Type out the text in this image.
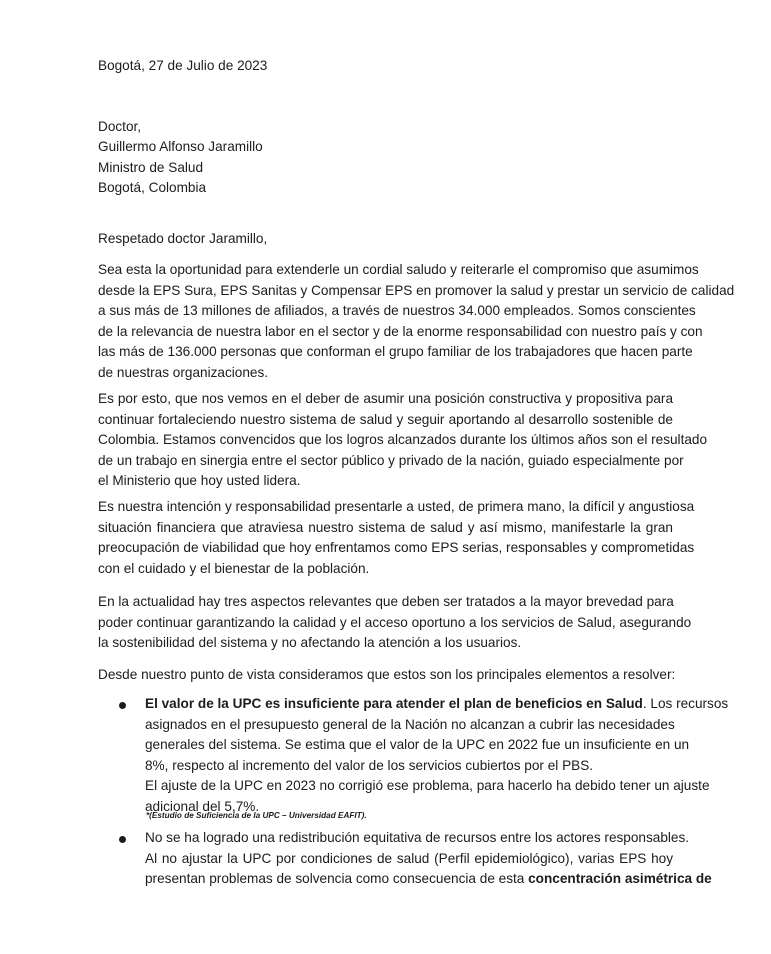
Bogotá, 27 de Julio de 2023
Doctor,
Guillermo Alfonso Jaramillo
Ministro de Salud
Bogotá, Colombia
Respetado doctor Jaramillo,

Sea esta la oportunidad para extenderle un cordial saludo y reiterarle el compromiso que asumimos
desde la EPS Sura, EPS Sanitas y Compensar EPS en promover la salud y prestar un servicio de calidad
a sus más de 13 millones de afiliados, a través de nuestros 34.000 empleados. Somos conscientes
de la relevancia de nuestra labor en el sector y de la enorme responsabilidad con nuestro país y con
las más de 136.000 personas que conforman el grupo familiar de los trabajadores que hacen parte
de nuestras organizaciones.

Es por esto, que nos vemos en el deber de asumir una posición constructiva y propositiva para
continuar fortaleciendo nuestro sistema de salud y seguir aportando al desarrollo sostenible de
Colombia. Estamos convencidos que los logros alcanzados durante los últimos años son el resultado
de un trabajo en sinergia entre el sector público y privado de la nación, guiado especialmente por
el Ministerio que hoy usted lidera.

Es nuestra intención y responsabilidad presentarle a usted, de primera mano, la difícil y angustiosa
situación financiera que atraviesa nuestro sistema de salud y así mismo, manifestarle la gran
preocupación de viabilidad que hoy enfrentamos como EPS serias, responsables y comprometidas
con el cuidado y el bienestar de la población.

En la actualidad hay tres aspectos relevantes que deben ser tratados a la mayor brevedad para
poder continuar garantizando la calidad y el acceso oportuno a los servicios de Salud, asegurando
la sostenibilidad del sistema y no afectando la atención a los usuarios.

Desde nuestro punto de vista consideramos que estos son los principales elementos a resolver:

El valor de la UPC es insuficiente para atender el plan de beneficios en Salud. Los recursos
asignados en el presupuesto general de la Nación no alcanzan a cubrir las necesidades
generales del sistema. Se estima que el valor de la UPC en 2022 fue un insuficiente en un
8%, respecto al incremento del valor de los servicios cubiertos por el PBS.
El ajuste de la UPC en 2023 no corrigió ese problema, para hacerlo ha debido tener un ajuste
adicional del 5,7%.

*(Estudio de Suficiencia de la UPC – Universidad EAFIT).

No se ha logrado una redistribución equitativa de recursos entre los actores responsables.
Al no ajustar la UPC por condiciones de salud (Perfil epidemiológico), varias EPS hoy
presentan problemas de solvencia como consecuencia de esta concentración asimétrica de
